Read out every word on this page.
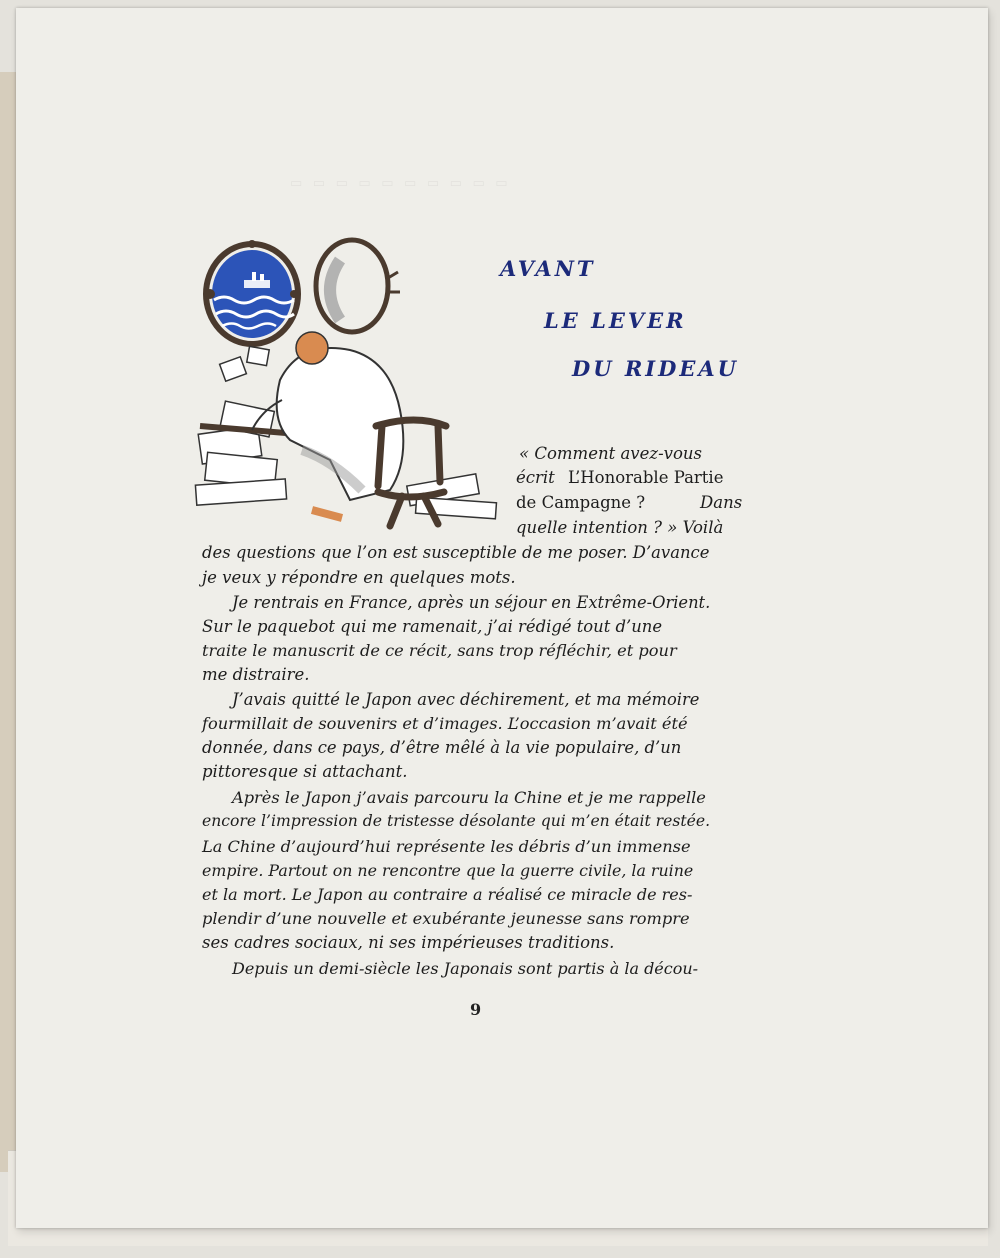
▭ ▭ ▭ ▭ ▭ ▭ ▭ ▭ ▭ ▭
AVANT
LE LEVER
DU RIDEAU

« Comment avez-vous

écrit L’Honorable Partie

de Campagne ?	Dans

quelle intention ? » Voilà

des questions que l’on est susceptible de me poser. D’avance

je veux y répondre en quelques mots.

Je rentrais en France, après un séjour en Extrême-Orient.

Sur le paquebot qui me ramenait, j’ai rédigé tout d’une

traite le manuscrit de ce récit, sans trop réfléchir, et pour

me distraire.

J’avais quitté le Japon avec déchirement, et ma mémoire

fourmillait de souvenirs et d’images. L’occasion m’avait été

donnée, dans ce pays, d’être mêlé à la vie populaire, d’un

pittoresque si attachant.

Après le Japon j’avais parcouru la Chine et je me rappelle

encore l’impression de tristesse désolante qui m’en était restée.

La Chine d’aujourd’hui représente les débris d’un immense

empire. Partout on ne rencontre que la guerre civile, la ruine

et la mort. Le Japon au contraire a réalisé ce miracle de res-

plendir d’une nouvelle et exubérante jeunesse sans rompre

ses cadres sociaux, ni ses impérieuses traditions.

Depuis un demi-siècle les Japonais sont partis à la décou-

9
